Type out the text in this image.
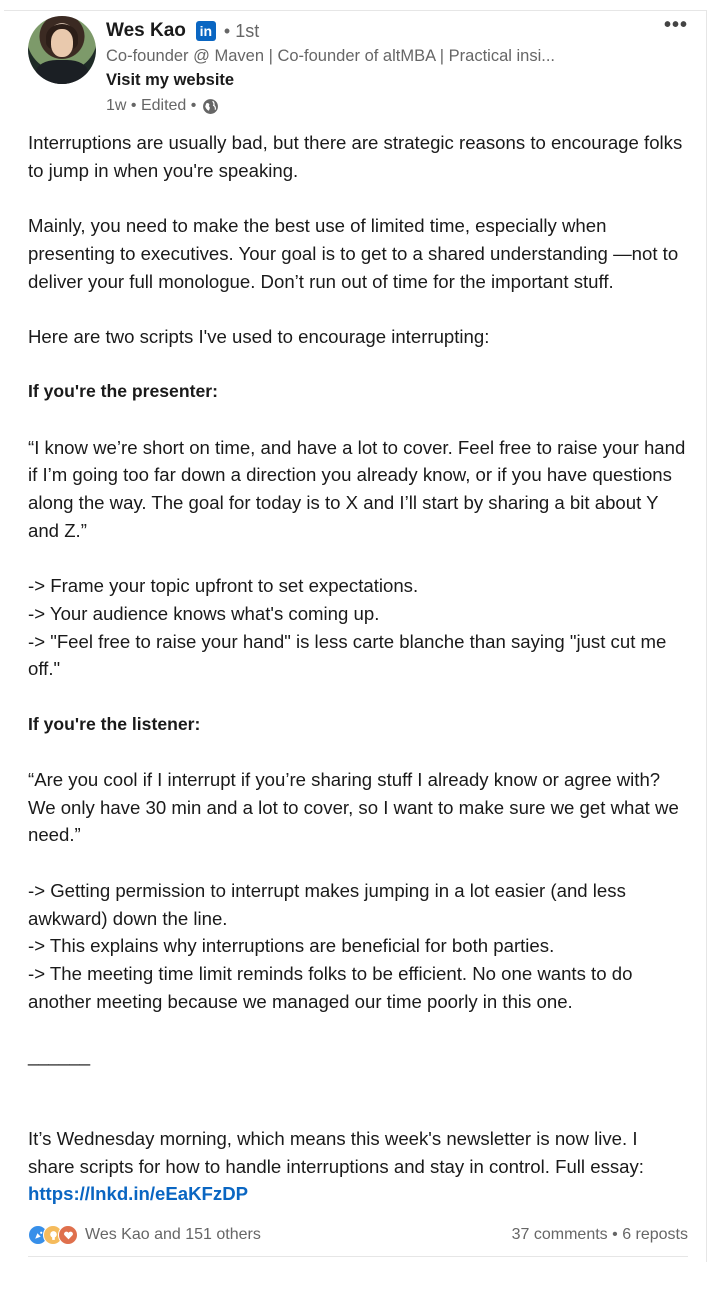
Wes Kao in • 1st
Co-founder @ Maven | Co-founder of altMBA | Practical insi...
Visit my website
1w • Edited •
•••

Interruptions are usually bad, but there are strategic reasons to encourage folks to jump in when you're speaking.

Mainly, you need to make the best use of limited time, especially when presenting to executives. Your goal is to get to a shared understanding —not to deliver your full monologue. Don’t run out of time for the important stuff.

Here are two scripts I've used to encourage interrupting:

If you're the presenter:

“I know we’re short on time, and have a lot to cover. Feel free to raise your hand if I’m going too far down a direction you already know, or if you have questions along the way. The goal for today is to X and I’ll start by sharing a bit about Y and Z.”

-> Frame your topic upfront to set expectations.
-> Your audience knows what's coming up.
-> "Feel free to raise your hand" is less carte blanche than saying "just cut me off."

If you're the listener:

“Are you cool if I interrupt if you’re sharing stuff I already know or agree with? We only have 30 min and a lot to cover, so I want to make sure we get what we need.”

-> Getting permission to interrupt makes jumping in a lot easier (and less awkward) down the line.
-> This explains why interruptions are beneficial for both parties.
-> The meeting time limit reminds folks to be efficient. No one wants to do another meeting because we managed our time poorly in this one.

______

It’s Wednesday morning, which means this week's newsletter is now live. I share scripts for how to handle interruptions and stay in control. Full essay: https://lnkd.in/eEaKFzDP

Wes Kao and 151 others	37 comments • 6 reposts
